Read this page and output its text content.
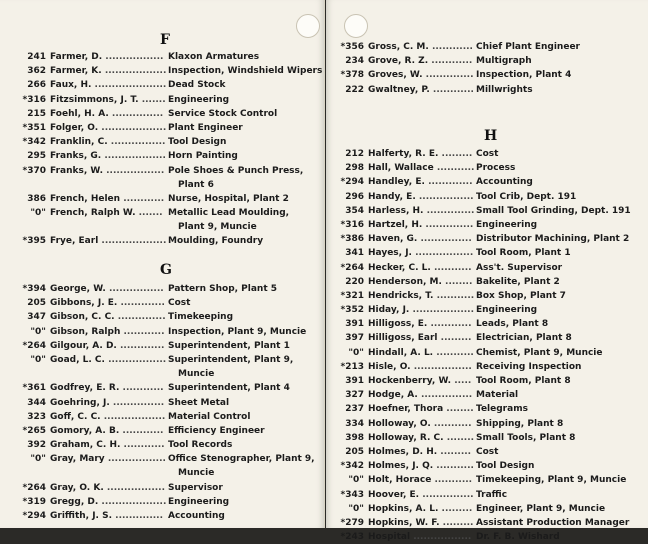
F
241 Farmer, D. ................. Klaxon Armatures
362 Farmer, K. .................. Inspection, Windshield Wipers
266 Faux, H. ..................... Dead Stock
*316 Fitzsimmons, J. T. ....... Engineering
215 Foehl, H. A. ............... Service Stock Control
*351 Folger, O. ................... Plant Engineer
*342 Franklin, C. ................ Tool Design
295 Franks, G. .................. Horn Painting
*370 Franks, W. ................. Pole Shoes & Punch Press,
Plant 6
386 French, Helen ............ Nurse, Hospital, Plant 2
"0" French, Ralph W. ....... Metallic Lead Moulding,
Plant 9, Muncie
*395 Frye, Earl ................... Moulding, Foundry
G
*394 George, W. ................ Pattern Shop, Plant 5
205 Gibbons, J. E. ............. Cost
347 Gibson, C. C. .............. Timekeeping
"0" Gibson, Ralph ............ Inspection, Plant 9, Muncie
*264 Gilgour, A. D. ............. Superintendent, Plant 1
"0" Goad, L. C. ................. Superintendent, Plant 9,
Muncie
*361 Godfrey, E. R. ............ Superintendent, Plant 4
344 Goehring, J. ............... Sheet Metal
323 Goff, C. C. .................. Material Control
*265 Gomory, A. B. ............ Efficiency Engineer
392 Graham, C. H. ............ Tool Records
"0" Gray, Mary ................. Office Stenographer, Plant 9,
Muncie
*264 Gray, O. K. ................. Supervisor
*319 Gregg, D. ................... Engineering
*294 Griffith, J. S. .............. Accounting
*356 Gross, C. M. ............ Chief Plant Engineer
234 Grove, R. Z. ............ Multigraph
*378 Groves, W. .............. Inspection, Plant 4
222 Gwaltney, P. ............ Millwrights
H
212 Halferty, R. E. ......... Cost
298 Hall, Wallace ........... Process
*294 Handley, E. ............. Accounting
296 Handy, E. ................ Tool Crib, Dept. 191
354 Harless, H. .............. Small Tool Grinding, Dept. 191
*316 Hartzel, H. .............. Engineering
*386 Haven, G. ............... Distributor Machining, Plant 2
341 Hayes, J. ................. Tool Room, Plant 1
*264 Hecker, C. L. ........... Ass't. Supervisor
220 Henderson, M. ........ Bakelite, Plant 2
*321 Hendricks, T. ........... Box Shop, Plant 7
*352 Hiday, J. .................. Engineering
391 Hilligoss, E. ............ Leads, Plant 8
397 Hilligoss, Earl ......... Electrician, Plant 8
"0" Hindall, A. L. ........... Chemist, Plant 9, Muncie
*213 Hisle, O. ................. Receiving Inspection
391 Hockenberry, W. ..... Tool Room, Plant 8
327 Hodge, A. ............... Material
237 Hoefner, Thora ........ Telegrams
334 Holloway, O. ........... Shipping, Plant 8
398 Holloway, R. C. ........ Small Tools, Plant 8
205 Holmes, D. H. ......... Cost
*342 Holmes, J. Q. ........... Tool Design
"0" Holt, Horace ........... Timekeeping, Plant 9, Muncie
*343 Hoover, E. ............... Traffic
"0" Hopkins, A. L. ......... Engineer, Plant 9, Muncie
*279 Hopkins, W. F. ......... Assistant Production Manager
*243 Hospital ................. Dr. F. B. Wishard
